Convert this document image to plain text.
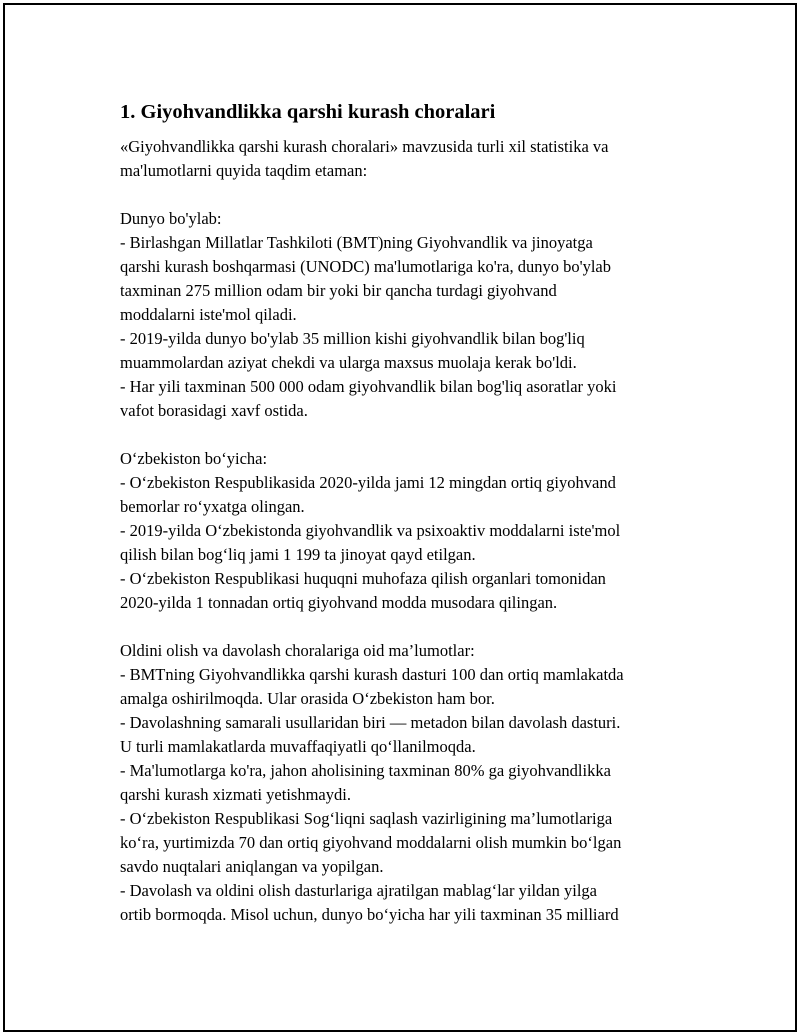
1. Giyohvandlikka qarshi kurash choralari
«Giyohvandlikka qarshi kurash choralari» mavzusida turli xil statistika va
ma'lumotlarni quyida taqdim etaman:
Dunyo bo'ylab:
- Birlashgan Millatlar Tashkiloti (BMT)ning Giyohvandlik va jinoyatga
qarshi kurash boshqarmasi (UNODC) ma'lumotlariga ko'ra, dunyo bo'ylab
taxminan 275 million odam bir yoki bir qancha turdagi giyohvand
moddalarni iste'mol qiladi.
- 2019-yilda dunyo bo'ylab 35 million kishi giyohvandlik bilan bog'liq
muammolardan aziyat chekdi va ularga maxsus muolaja kerak bo'ldi.
- Har yili taxminan 500 000 odam giyohvandlik bilan bog'liq asoratlar yoki
vafot borasidagi xavf ostida.
O‘zbekiston bo‘yicha:
- O‘zbekiston Respublikasida 2020-yilda jami 12 mingdan ortiq giyohvand
bemorlar ro‘yxatga olingan.
- 2019-yilda O‘zbekistonda giyohvandlik va psixoaktiv moddalarni iste'mol
qilish bilan bog‘liq jami 1 199 ta jinoyat qayd etilgan.
- O‘zbekiston Respublikasi huquqni muhofaza qilish organlari tomonidan
2020-yilda 1 tonnadan ortiq giyohvand modda musodara qilingan.
Oldini olish va davolash choralariga oid ma’lumotlar:
- BMTning Giyohvandlikka qarshi kurash dasturi 100 dan ortiq mamlakatda
amalga oshirilmoqda. Ular orasida O‘zbekiston ham bor.
- Davolashning samarali usullaridan biri — metadon bilan davolash dasturi.
U turli mamlakatlarda muvaffaqiyatli qo‘llanilmoqda.
- Ma'lumotlarga ko'ra, jahon aholisining taxminan 80% ga giyohvandlikka
qarshi kurash xizmati yetishmaydi.
- O‘zbekiston Respublikasi Sog‘liqni saqlash vazirligining ma’lumotlariga
ko‘ra, yurtimizda 70 dan ortiq giyohvand moddalarni olish mumkin bo‘lgan
savdo nuqtalari aniqlangan va yopilgan.
- Davolash va oldini olish dasturlariga ajratilgan mablag‘lar yildan yilga
ortib bormoqda. Misol uchun, dunyo bo‘yicha har yili taxminan 35 milliard
